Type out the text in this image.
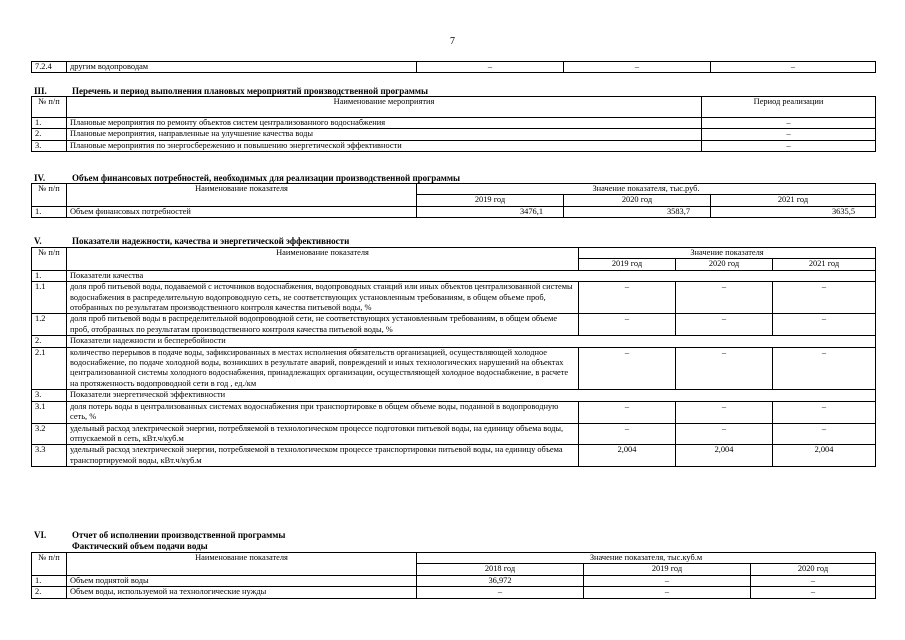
7
7.2.4	другим водопроводам	–	–	–
III.	Перечень и период выполнения плановых мероприятий производственной программы
№ п/п	Наименование мероприятия	Период реализации
1.	Плановые мероприятия по ремонту объектов систем централизованного водоснабжения	–
2.	Плановые мероприятия, направленные на улучшение качества воды	–
3.	Плановые мероприятия по энергосбережению и повышению энергетической эффективности	–
IV.	Объем финансовых потребностей, необходимых для реализации производственной программы
№ п/п	Наименование показателя	Значение показателя, тыс.руб.		
		2019 год	2020 год	2021 год
1.	Объем финансовых потребностей	3476,1	3583,7	3635,5
V.	Показатели надежности, качества и энергетической эффективности
№ п/п	Наименование показателя	Значение показателя		
		2019 год	2020 год	2021 год
1.	Показатели качества			
1.1	доля проб питьевой воды, подаваемой с источников водоснабжения, водопроводных станций или иных объектов централизованной системы водоснабжения в распределительную водопроводную сеть, не соответствующих установленным требованиям, в общем объеме проб, отобранных по результатам производственного контроля качества питьевой воды, %	–	–	–
1.2	доля проб питьевой воды в распределительной водопроводной сети, не соответствующих установленным требованиям, в общем объеме проб, отобранных по результатам производственного контроля качества питьевой воды, %	–	–	–
2.	Показатели надежности и бесперебойности			
2.1	количество перерывов в подаче воды, зафиксированных в местах исполнения обязательств организацией, осуществляющей холодное водоснабжение, по подаче холодной воды, возникших в результате аварий, повреждений и иных технологических нарушений на объектах централизованной системы холодного водоснабжения, принадлежащих организации, осуществляющей холодное водоснабжение, в расчете на протяженность водопроводной сети в год , ед./км	–	–	–
3.	Показатели энергетической эффективности			
3.1	доля потерь воды в централизованных системах водоснабжения при транспортировке в общем объеме воды, поданной в водопроводную сеть, %	–	–	–
3.2	удельный расход электрической энергии, потребляемой в технологическом процессе подготовки питьевой воды, на единицу объема воды, отпускаемой в сеть, кВт.ч/куб.м	–	–	–
3.3	удельный расход электрической энергии, потребляемой в технологическом процессе транспортировки питьевой воды, на единицу объема транспортируемой воды, кВт.ч/куб.м	2,004	2,004	2,004
VI.	Отчет об исполнении производственной программы
Фактический объем подачи воды
№ п/п	Наименование показателя	Значение показателя, тыс.куб.м		
		2018 год	2019 год	2020 год
1.	Объем поднятой воды	36,972	–	–
2.	Объем воды, используемой на технологические нужды	–	–	–
